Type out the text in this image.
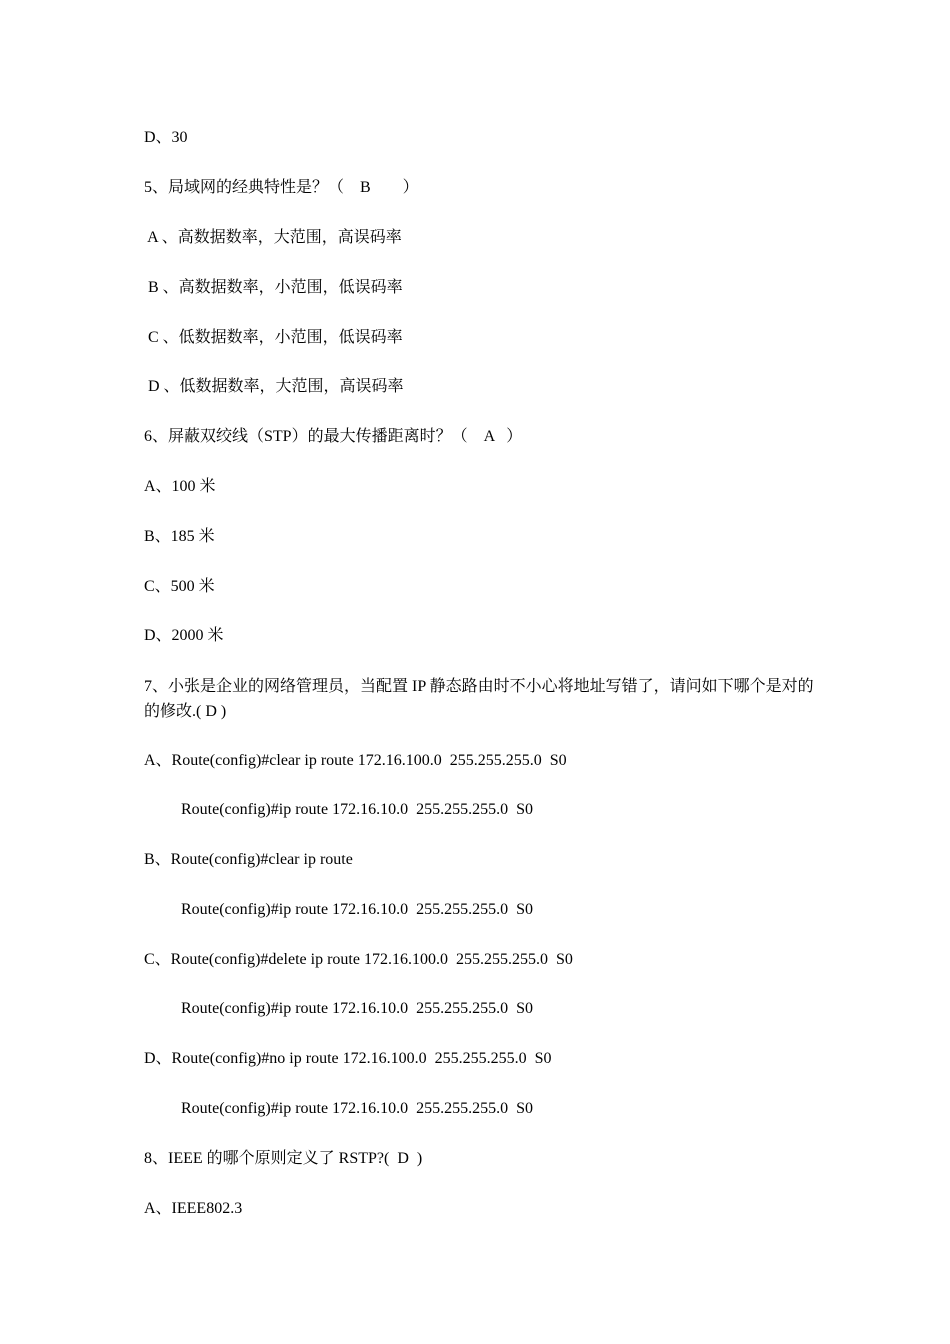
D、30
5、局域网的经典特性是？（    B        ）
A 、高数据数率，大范围，高误码率
B 、高数据数率，小范围，低误码率
C 、低数据数率，小范围，低误码率
D 、低数据数率，大范围，高误码率
6、屏蔽双绞线（STP）的最大传播距离时？（    A   ）
A、100 米
B、185 米
C、500 米
D、2000 米
7、小张是企业的网络管理员，当配置 IP 静态路由时不小心将地址写错了，请问如下哪个是对的的修改.( D )
A、Route(config)#clear ip route 172.16.100.0  255.255.255.0  S0
Route(config)#ip route 172.16.10.0  255.255.255.0  S0
B、Route(config)#clear ip route
Route(config)#ip route 172.16.10.0  255.255.255.0  S0
C、Route(config)#delete ip route 172.16.100.0  255.255.255.0  S0
Route(config)#ip route 172.16.10.0  255.255.255.0  S0
D、Route(config)#no ip route 172.16.100.0  255.255.255.0  S0
Route(config)#ip route 172.16.10.0  255.255.255.0  S0
8、IEEE 的哪个原则定义了 RSTP?(  D  )
A、IEEE802.3
